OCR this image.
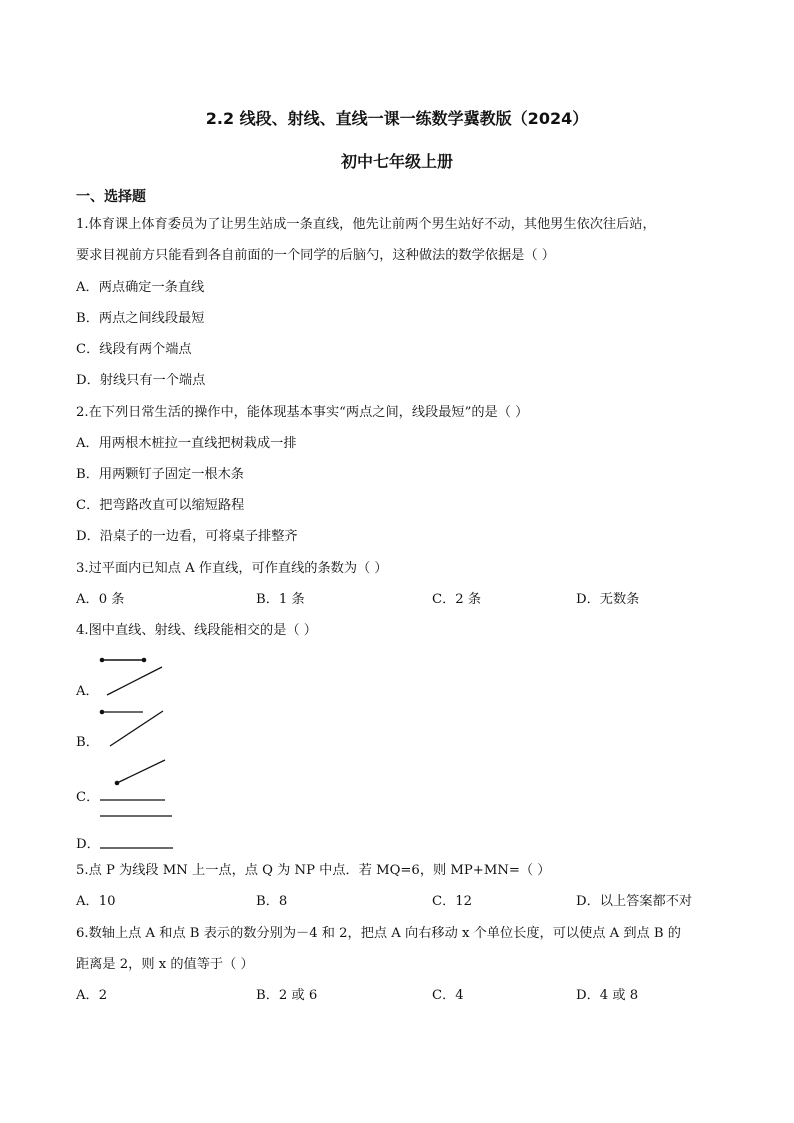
2.2 线段、射线、直线一课一练数学冀教版（2024）
初中七年级上册
一、选择题
1.体育课上体育委员为了让男生站成一条直线，他先让前两个男生站好不动，其他男生依次往后站，
要求目视前方只能看到各自前面的一个同学的后脑勺，这种做法的数学依据是（ ）
A．两点确定一条直线
B．两点之间线段最短
C．线段有两个端点
D．射线只有一个端点
2.在下列日常生活的操作中，能体现基本事实“两点之间，线段最短”的是（ ）
A．用两根木桩拉一直线把树栽成一排
B．用两颗钉子固定一根木条
C．把弯路改直可以缩短路程
D．沿桌子的一边看，可将桌子排整齐
3.过平面内已知点 A 作直线，可作直线的条数为（ ）
A．0 条	B．1 条	C．2 条	D．无数条
4.图中直线、射线、线段能相交的是（ ）
A．
B．
C．
D．
5.点 P 为线段 MN 上一点，点 Q 为 NP 中点．若 MQ=6，则 MP+MN=（ ）
A．10	B．8	C．12	D．以上答案都不对
6.数轴上点 A 和点 B 表示的数分别为－4 和 2，把点 A 向右移动 x 个单位长度，可以使点 A 到点 B 的
距离是 2，则 x 的值等于（ ）
A．2	B．2 或 6	C．4	D．4 或 8
